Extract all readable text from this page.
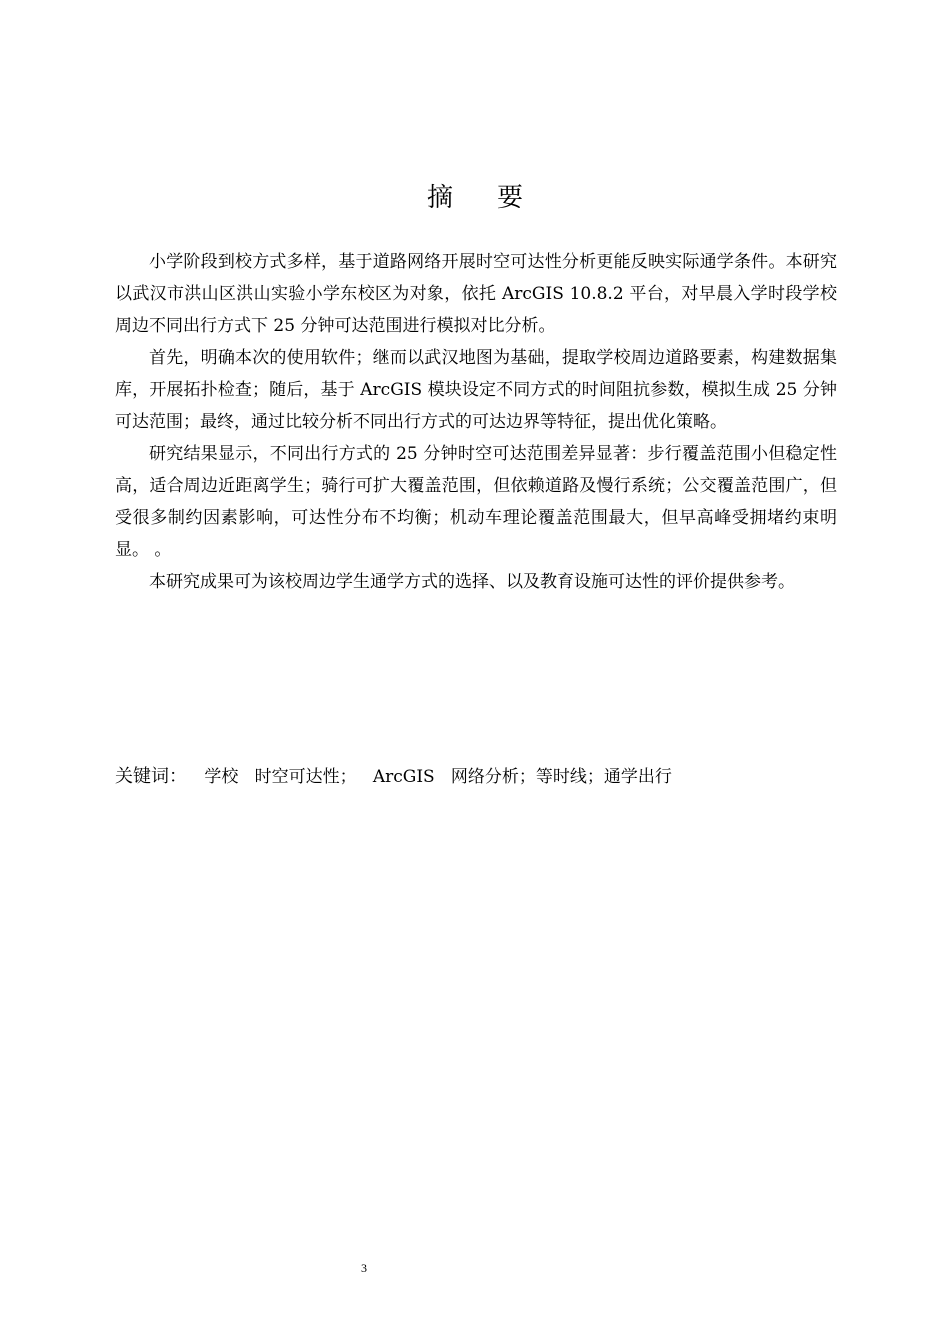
摘要

小学阶段到校方式多样，基于道路网络开展时空可达性分析更能反映实际通学条件。本研究以武汉市洪山区洪山实验小学东校区为对象，依托 ArcGIS 10.8.2 平台，对早晨入学时段学校周边不同出行方式下 25 分钟可达范围进行模拟对比分析。

首先，明确本次的使用软件；继而以武汉地图为基础，提取学校周边道路要素，构建数据集库，开展拓扑检查；随后，基于 ArcGIS 模块设定不同方式的时间阻抗参数，模拟生成 25 分钟可达范围；最终，通过比较分析不同出行方式的可达边界等特征，提出优化策略。

研究结果显示，不同出行方式的 25 分钟时空可达范围差异显著：步行覆盖范围小但稳定性高，适合周边近距离学生；骑行可扩大覆盖范围，但依赖道路及慢行系统；公交覆盖范围广，但受很多制约因素影响，可达性分布不均衡；机动车理论覆盖范围最大，但早高峰受拥堵约束明显。 。

本研究成果可为该校周边学生通学方式的选择、以及教育设施可达性的评价提供参考。

关键词： 学校   时空可达性；   ArcGIS   网络分析；等时线；通学出行
3
